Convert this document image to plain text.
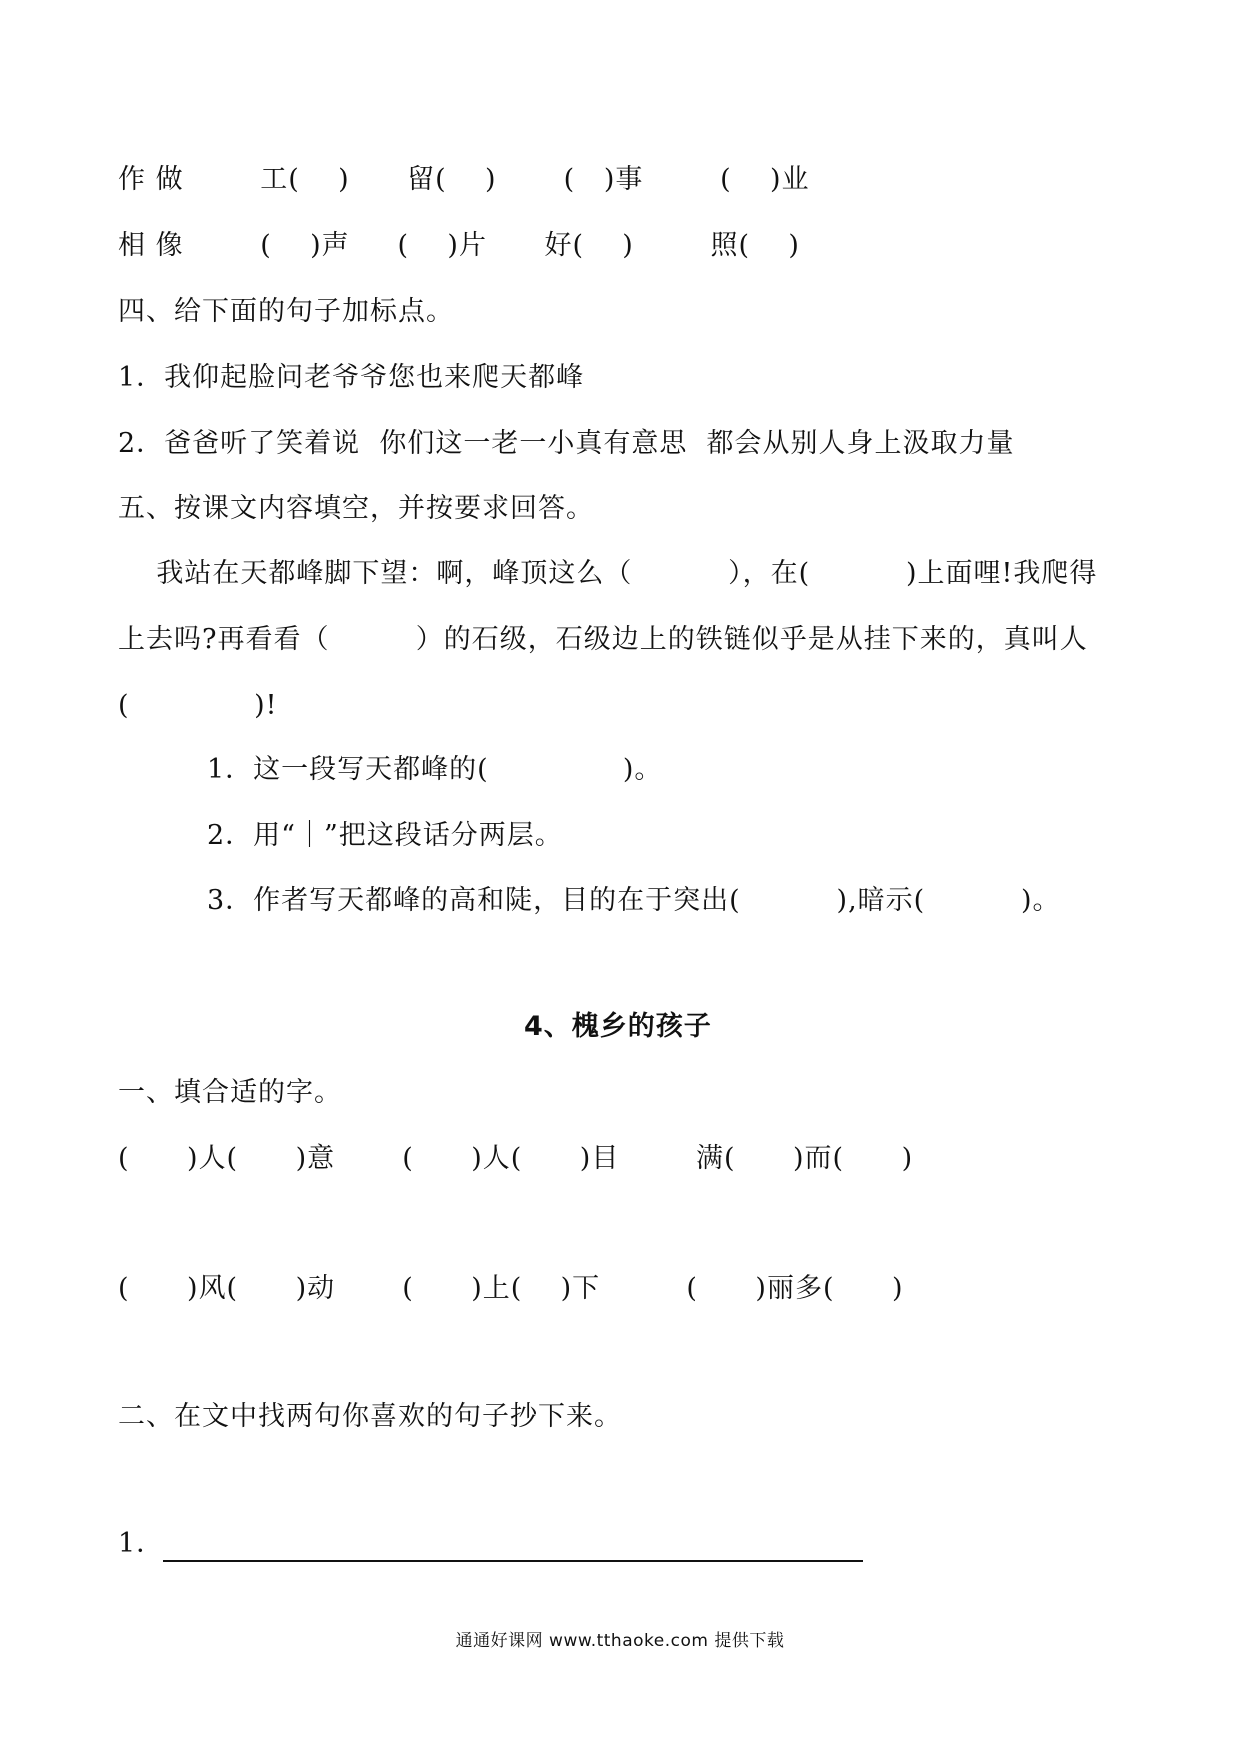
作 做        工(    )      留(    )       (   )事        (    )业
相 像        (    )声     (    )片      好(    )        照(    )
四、给下面的句子加标点。
1．我仰起脸问老爷爷您也来爬天都峰
2．爸爸听了笑着说  你们这一老一小真有意思  都会从别人身上汲取力量
五、按课文内容填空，并按要求回答。
我站在天都峰脚下望：啊，峰顶这么（          ），在(          )上面哩!我爬得
上去吗?再看看（         ）的石级，石级边上的铁链似乎是从挂下来的，真叫人
(             )!
1．这一段写天都峰的(              )。
2．用“｜”把这段话分两层。
3．作者写天都峰的高和陡，目的在于突出(          ),暗示(          )。
4、槐乡的孩子
一、填合适的字。
(      )人(      )意       (      )人(      )目        满(      )而(      )
(      )风(      )动       (      )上(    )下         (      )丽多(      )
二、在文中找两句你喜欢的句子抄下来。
1．
通通好课网 www.tthaoke.com 提供下载
